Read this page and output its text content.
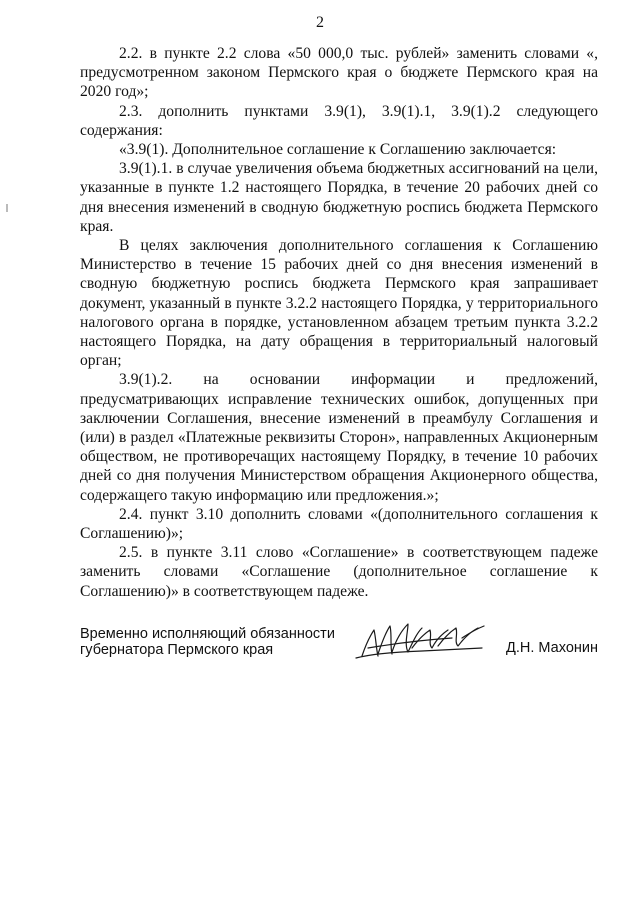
2

2.2. в пункте 2.2 слова «50 000,0 тыс. рублей» заменить словами «, предусмотренном законом Пермского края о бюджете Пермского края на 2020 год»;

2.3. дополнить пунктами 3.9(1), 3.9(1).1, 3.9(1).2 следующего содержания:

«3.9(1). Дополнительное соглашение к Соглашению заключается:

3.9(1).1. в случае увеличения объема бюджетных ассигнований на цели, указанные в пункте 1.2 настоящего Порядка, в течение 20 рабочих дней со дня внесения изменений в сводную бюджетную роспись бюджета Пермского края.

В целях заключения дополнительного соглашения к Соглашению Министерство в течение 15 рабочих дней со дня внесения изменений в сводную бюджетную роспись бюджета Пермского края запрашивает документ, указанный в пункте 3.2.2 настоящего Порядка, у территориального налогового органа в порядке, установленном абзацем третьим пункта 3.2.2 настоящего Порядка, на дату обращения в территориальный налоговый орган;

3.9(1).2. на основании информации и предложений, предусматривающих исправление технических ошибок, допущенных при заключении Соглашения, внесение изменений в преамбулу Соглашения и (или) в раздел «Платежные реквизиты Сторон», направленных Акционерным обществом, не противоречащих настоящему Порядку, в течение 10 рабочих дней со дня получения Министерством обращения Акционерного общества, содержащего такую информацию или предложения.»;

2.4. пункт 3.10 дополнить словами «(дополнительного соглашения к Соглашению)»;

2.5. в пункте 3.11 слово «Соглашение» в соответствующем падеже заменить словами «Соглашение (дополнительное соглашение к Соглашению)» в соответствующем падеже.

Временно исполняющий обязанности
губернатора Пермского края	Д.Н. Махонин
